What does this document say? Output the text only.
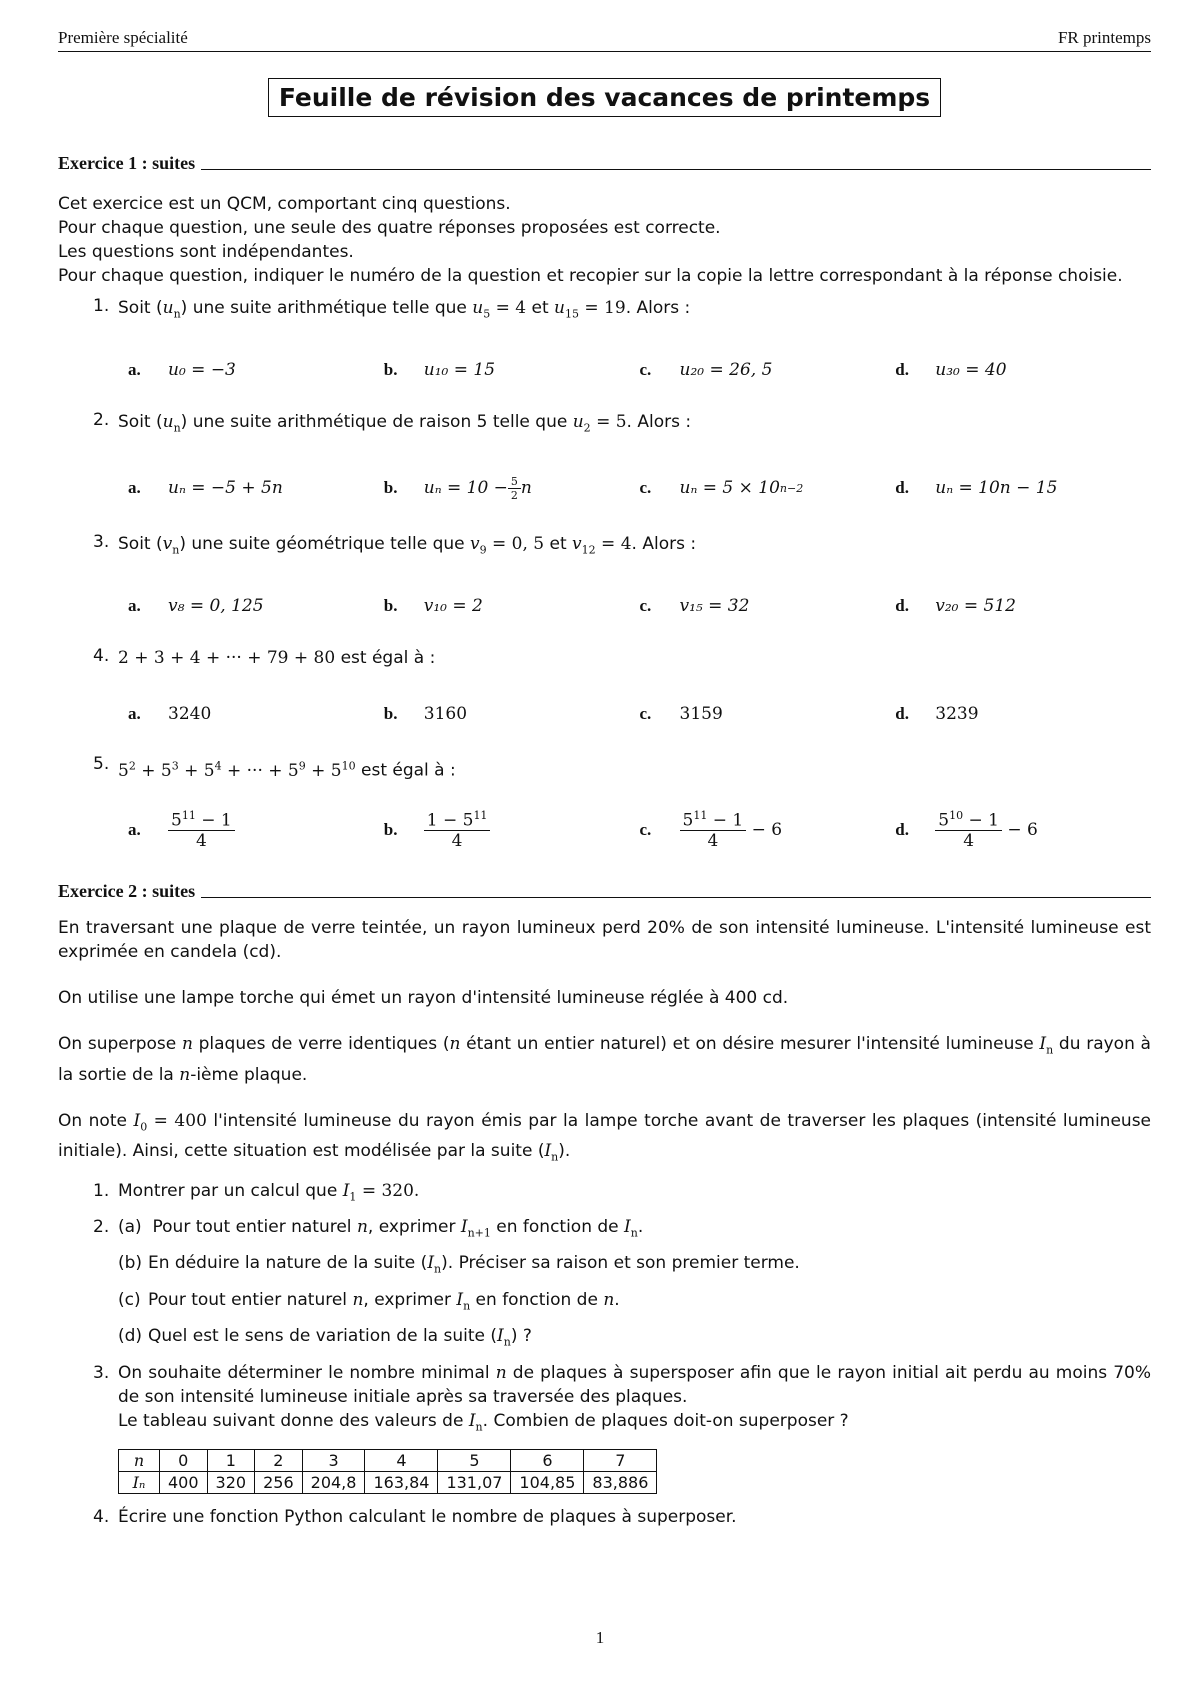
Première spécialité	FR printemps
Feuille de révision des vacances de printemps
Exercice 1 : suites

Cet exercice est un QCM, comportant cinq questions.

Pour chaque question, une seule des quatre réponses proposées est correcte.

Les questions sont indépendantes.

Pour chaque question, indiquer le numéro de la question et recopier sur la copie la lettre correspondant à la réponse choisie.

1. Soit $(u_n)$ une suite arithmétique telle que $u_5 = 4$ et $u_{15} = 19$. Alors :
a.	u₀ = −3	b.	u₁₀ = 15	c.	u₂₀ = 26, 5	d.	u₃₀ = 40
2. Soit $(u_n)$ une suite arithmétique de raison 5 telle que $u_2 = 5$. Alors :
a.	uₙ = −5 + 5n	b.	$u_n = 10 - \frac{5}{2}$ n	c.	uₙ = 5 × 10 n−2	d.	uₙ = 10n − 15
3. Soit $(v_n)$ une suite géométrique telle que $v_9 = 0$, 5 et $v_{12} = 4$. Alors :
a.	v₈ = 0, 125	b.	v₁₀ = 2	c.	v₁₅ = 32	d.	v₂₀ = 512
4. 2 + 3 + 4 + ··· + 79 + 80 est égal à :
a.	3240	b.	3160	c.	3159	d.	3239
5. $5^2 + 5^3 + 5^4$ + ··· + $5^9 + 5^{10}$ est égal à :
a.	$\frac{5^{11} - 1}{4}$	b.	$\frac{1 - 5^{11}}{4}$	c.	$\frac{5^{11} - 1}{4} - 6$	d.	$\frac{5^{10} - 1}{4} - 6$
Exercice 2 : suites

En traversant une plaque de verre teintée, un rayon lumineux perd 20% de son intensité lumineuse. L'intensité lumineuse est exprimée en candela (cd).

On utilise une lampe torche qui émet un rayon d'intensité lumineuse réglée à 400 cd.

On superpose n plaques de verre identiques (n étant un entier naturel) et on désire mesurer l'intensité lumineuse $I_n$ du rayon à la sortie de la n-ième plaque.

On note $I_0 = 400$ l'intensité lumineuse du rayon émis par la lampe torche avant de traverser les plaques (intensité lumineuse initiale). Ainsi, cette situation est modélisée par la suite $(I_n)$.

1. Montrer par un calcul que $I_1 = 320$.
2. (a) Pour tout entier naturel n, exprimer $I_{n+1}$ en fonction de $I_n$.
(b) En déduire la nature de la suite $(I_n)$. Préciser sa raison et son premier terme.
(c) Pour tout entier naturel n, exprimer $I_n$ en fonction de n.
(d) Quel est le sens de variation de la suite $(I_n)$ ?
3. On souhaite déterminer le nombre minimal n de plaques à supersposer afin que le rayon initial ait perdu au moins 70% de son intensité lumineuse initiale après sa traversée des plaques.
Le tableau suivant donne des valeurs de $I_n$. Combien de plaques doit-on superposer ?
n	0	1	2	3	4	5	6	7
Iₙ	400	320	256	204,8	163,84	131,07	104,85	83,886
4. Écrire une fonction Python calculant le nombre de plaques à superposer.
1
